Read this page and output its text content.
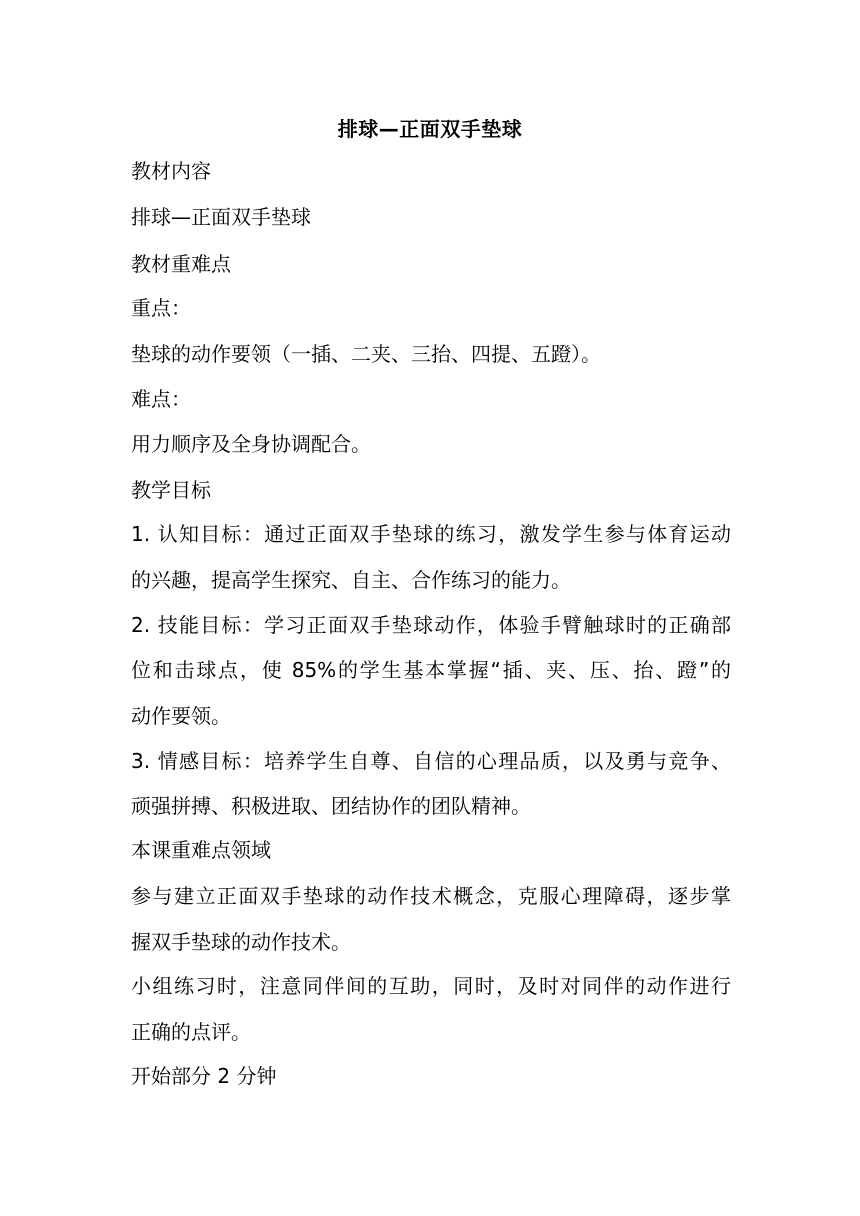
排球—正面双手垫球
教材内容
排球—正面双手垫球
教材重难点
重点：
垫球的动作要领（一插、二夹、三抬、四提、五蹬）。
难点：
用力顺序及全身协调配合。
教学目标
1. 认知目标：通过正面双手垫球的练习，激发学生参与体育运动
的兴趣，提高学生探究、自主、合作练习的能力。
2. 技能目标：学习正面双手垫球动作，体验手臂触球时的正确部
位和击球点，使 85%的学生基本掌握“插、夹、压、抬、蹬”的
动作要领。
3. 情感目标：培养学生自尊、自信的心理品质，以及勇与竞争、
顽强拼搏、积极进取、团结协作的团队精神。
本课重难点领域
参与建立正面双手垫球的动作技术概念，克服心理障碍，逐步掌
握双手垫球的动作技术。
小组练习时，注意同伴间的互助，同时，及时对同伴的动作进行
正确的点评。
开始部分 2 分钟
